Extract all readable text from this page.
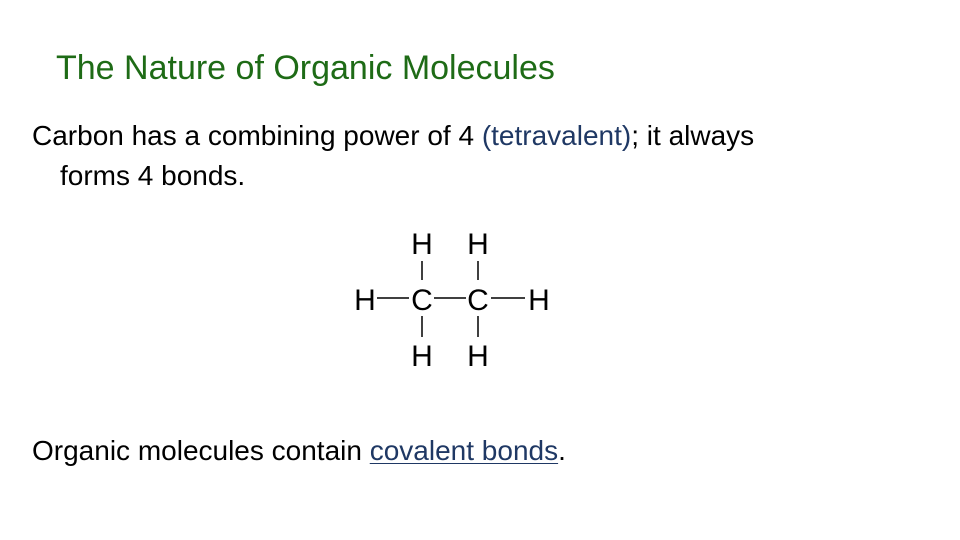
The Nature of Organic Molecules

Carbon has a combining power of 4 (tetravalent); it always
forms 4 bonds.

H H
H C C H
H H

Organic molecules contain covalent bonds.
